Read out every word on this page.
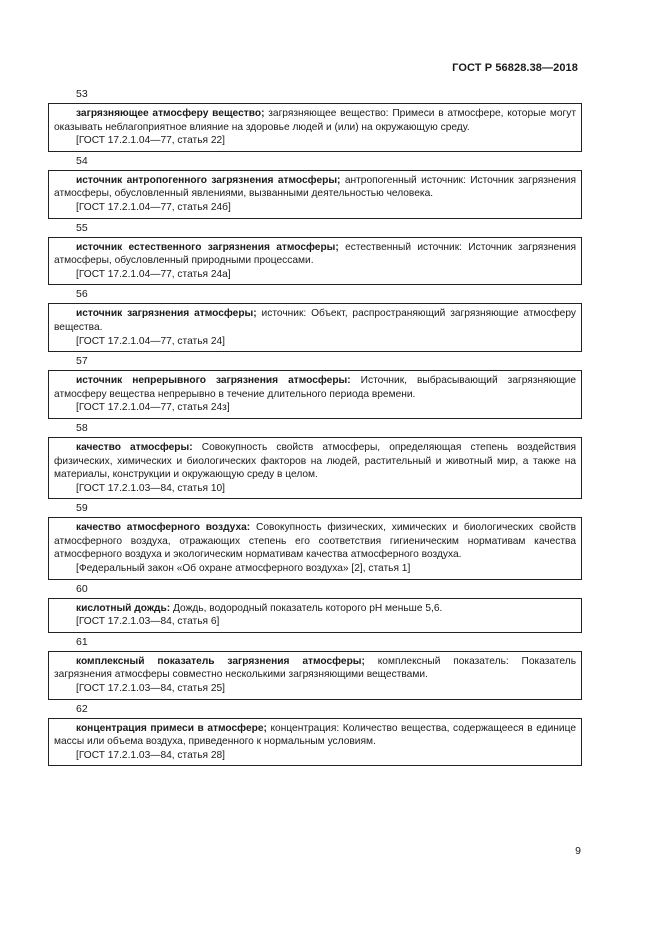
ГОСТ Р 56828.38—2018
53
загрязняющее атмосферу вещество; загрязняющее вещество: Примеси в атмосфере, которые могут оказывать неблагоприятное влияние на здоровье людей и (или) на окружающую среду.
[ГОСТ 17.2.1.04—77, статья 22]
54
источник антропогенного загрязнения атмосферы; антропогенный источник: Источник загрязнения атмосферы, обусловленный явлениями, вызванными деятельностью человека.
[ГОСТ 17.2.1.04—77, статья 24б]
55
источник естественного загрязнения атмосферы; естественный источник: Источник загрязнения атмосферы, обусловленный природными процессами.
[ГОСТ 17.2.1.04—77, статья 24а]
56
источник загрязнения атмосферы; источник: Объект, распространяющий загрязняющие атмосферу вещества.
[ГОСТ 17.2.1.04—77, статья 24]
57
источник непрерывного загрязнения атмосферы: Источник, выбрасывающий загрязняющие атмосферу вещества непрерывно в течение длительного периода времени.
[ГОСТ 17.2.1.04—77, статья 24з]
58
качество атмосферы: Совокупность свойств атмосферы, определяющая степень воздействия физических, химических и биологических факторов на людей, растительный и животный мир, а также на материалы, конструкции и окружающую среду в целом.
[ГОСТ 17.2.1.03—84, статья 10]
59
качество атмосферного воздуха: Совокупность физических, химических и биологических свойств атмосферного воздуха, отражающих степень его соответствия гигиеническим нормативам качества атмосферного воздуха и экологическим нормативам качества атмосферного воздуха.
[Федеральный закон «Об охране атмосферного воздуха» [2], статья 1]
60
кислотный дождь: Дождь, водородный показатель которого рН меньше 5,6.
[ГОСТ 17.2.1.03—84, статья 6]
61
комплексный показатель загрязнения атмосферы; комплексный показатель: Показатель загрязнения атмосферы совместно несколькими загрязняющими веществами.
[ГОСТ 17.2.1.03—84, статья 25]
62
концентрация примеси в атмосфере; концентрация: Количество вещества, содержащееся в единице массы или объема воздуха, приведенного к нормальным условиям.
[ГОСТ 17.2.1.03—84, статья 28]
9
